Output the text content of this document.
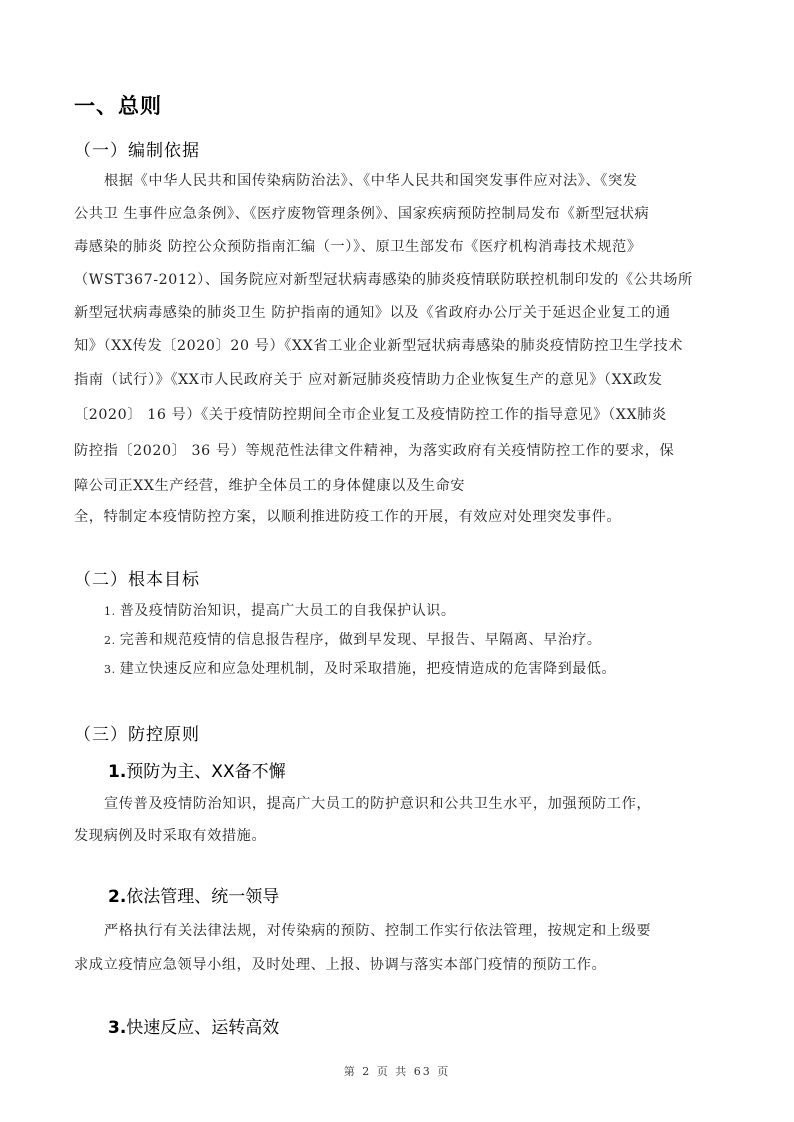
一、总则
（一）编制依据
根据《中华人民共和国传染病防治法》、《中华人民共和国突发事件应对法》、《突发
公共卫 生事件应急条例》、《医疗废物管理条例》、国家疾病预防控制局发布《新型冠状病
毒感染的肺炎 防控公众预防指南汇编（一）》、原卫生部发布《医疗机构消毒技术规范》
（WST367-2012）、国务院应对新型冠状病毒感染的肺炎疫情联防联控机制印发的《公共场所
新型冠状病毒感染的肺炎卫生 防护指南的通知》以及《省政府办公厅关于延迟企业复工的通
知》（XX传发〔2020〕20 号）《XX省工业企业新型冠状病毒感染的肺炎疫情防控卫生学技术
指南（试行）》《XX市人民政府关于 应对新冠肺炎疫情助力企业恢复生产的意见》（XX政发
〔2020〕 16 号）《关于疫情防控期间全市企业复工及疫情防控工作的指导意见》（XX肺炎
防控指〔2020〕 36 号）等规范性法律文件精神，为落实政府有关疫情防控工作的要求，保
障公司正XX生产经营，维护全体员工的身体健康以及生命安
全，特制定本疫情防控方案，以顺利推进防疫工作的开展，有效应对处理突发事件。
（二）根本目标
1. 普及疫情防治知识，提高广大员工的自我保护认识。
2. 完善和规范疫情的信息报告程序，做到早发现、早报告、早隔离、早治疗。
3. 建立快速反应和应急处理机制，及时采取措施，把疫情造成的危害降到最低。
（三）防控原则
1.预防为主、XX备不懈
宣传普及疫情防治知识，提高广大员工的防护意识和公共卫生水平，加强预防工作，
发现病例及时采取有效措施。
2.依法管理、统一领导
严格执行有关法律法规，对传染病的预防、控制工作实行依法管理，按规定和上级要
求成立疫情应急领导小组，及时处理、上报、协调与落实本部门疫情的预防工作。
3.快速反应、运转高效
第 2 页 共 63 页
